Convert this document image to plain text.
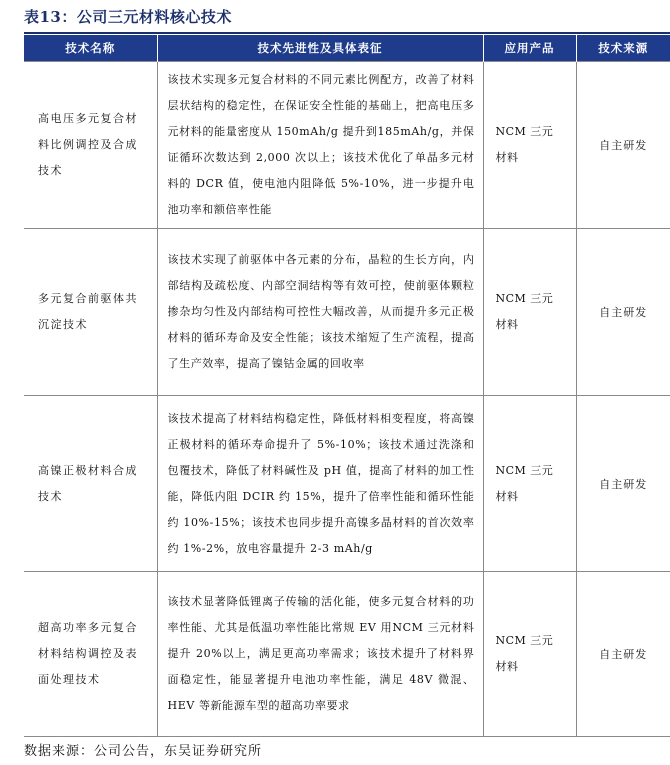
表13：公司三元材料核心技术
技术名称	技术先进性及具体表征	应用产品	技术来源
高电压多元复合材料比例调控及合成技术	该技术实现多元复合材料的不同元素比例配方，改善了材料层状结构的稳定性，在保证安全性能的基础上，把高电压多元材料的能量密度从 150mAh/g 提升到185mAh/g，并保证循环次数达到 2,000 次以上；该技术优化了单晶多元材料的 DCR 值，使电池内阻降低 5%-10%，进一步提升电池功率和额倍率性能	NCM 三元材料	自主研发
多元复合前驱体共沉淀技术	该技术实现了前驱体中各元素的分布，晶粒的生长方向，内部结构及疏松度、内部空洞结构等有效可控，使前驱体颗粒掺杂均匀性及内部结构可控性大幅改善，从而提升多元正极材料的循环寿命及安全性能；该技术缩短了生产流程，提高了生产效率，提高了镍钴金属的回收率	NCM 三元材料	自主研发
高镍正极材料合成技术	该技术提高了材料结构稳定性，降低材料相变程度，将高镍正极材料的循环寿命提升了 5%-10%；该技术通过洗涤和包覆技术，降低了材料碱性及 pH 值，提高了材料的加工性能，降低内阻 DCIR 约 15%，提升了倍率性能和循环性能约 10%-15%；该技术也同步提升高镍多晶材料的首次效率约 1%-2%，放电容量提升 2-3 mAh/g	NCM 三元材料	自主研发
超高功率多元复合材料结构调控及表面处理技术	该技术显著降低锂离子传输的活化能，使多元复合材料的功率性能、尤其是低温功率性能比常规 EV 用NCM 三元材料提升 20%以上，满足更高功率需求；该技术提升了材料界面稳定性，能显著提升电池功率性能，满足 48V 微混、HEV 等新能源车型的超高功率要求	NCM 三元材料	自主研发
数据来源：公司公告，东吴证券研究所
